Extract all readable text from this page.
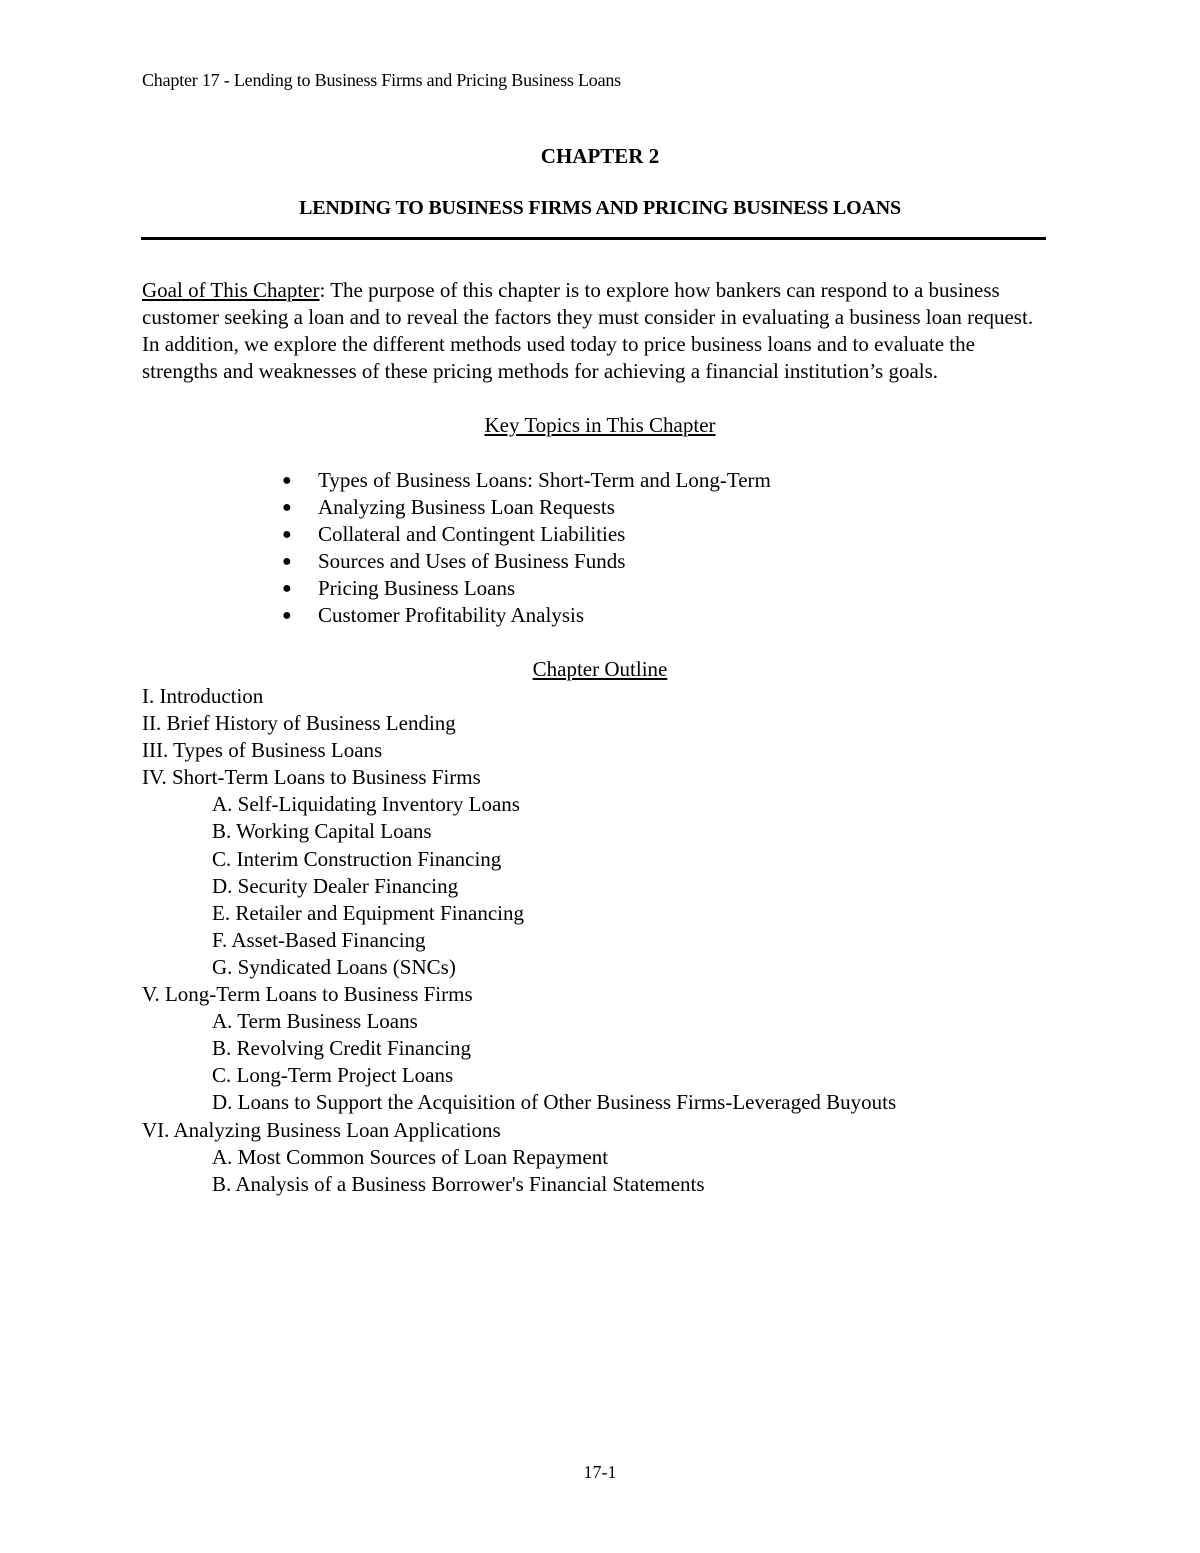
Chapter 17 - Lending to Business Firms and Pricing Business Loans
CHAPTER 2
LENDING TO BUSINESS FIRMS AND PRICING BUSINESS LOANS
Goal of This Chapter: The purpose of this chapter is to explore how bankers can respond to a business customer seeking a loan and to reveal the factors they must consider in evaluating a business loan request. In addition, we explore the different methods used today to price business loans and to evaluate the strengths and weaknesses of these pricing methods for achieving a financial institution’s goals.
Key Topics in This Chapter
● Types of Business Loans: Short-Term and Long-Term
● Analyzing Business Loan Requests
● Collateral and Contingent Liabilities
● Sources and Uses of Business Funds
● Pricing Business Loans
● Customer Profitability Analysis
Chapter Outline
I. Introduction
II. Brief History of Business Lending
III. Types of Business Loans
IV. Short-Term Loans to Business Firms
A. Self-Liquidating Inventory Loans
B. Working Capital Loans
C. Interim Construction Financing
D. Security Dealer Financing
E. Retailer and Equipment Financing
F. Asset-Based Financing
G. Syndicated Loans (SNCs)
V. Long-Term Loans to Business Firms
A. Term Business Loans
B. Revolving Credit Financing
C. Long-Term Project Loans
D. Loans to Support the Acquisition of Other Business Firms-Leveraged Buyouts
VI. Analyzing Business Loan Applications
A. Most Common Sources of Loan Repayment
B. Analysis of a Business Borrower's Financial Statements
17-1
